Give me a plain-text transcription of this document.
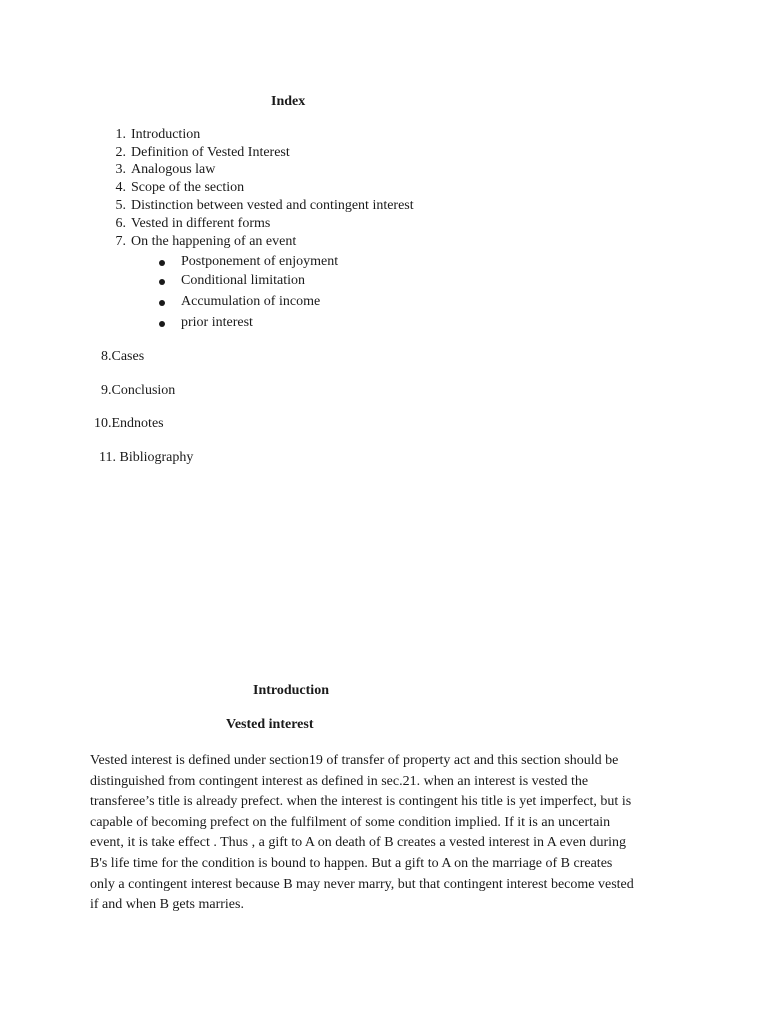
Index
1. Introduction
2. Definition of Vested Interest
3. Analogous law
4. Scope of the section
5. Distinction between vested and contingent interest
6. Vested in different forms
7. On the happening of an event
Postponement of enjoyment
Conditional limitation
Accumulation of income
prior interest
8.Cases
9.Conclusion
10.Endnotes
11. Bibliography
Introduction
Vested interest
Vested interest is defined under section19 of transfer of property act and this section should be
distinguished from contingent interest as defined in sec.21. when an interest is vested the
transferee’s title is already prefect. when the interest is contingent his title is yet imperfect, but is
capable of becoming prefect on the fulfilment of some condition implied. If it is an uncertain
event, it is take effect . Thus , a gift to A on death of B creates a vested interest in A even during
B's life time for the condition is bound to happen. But a gift to A on the marriage of B creates
only a contingent interest because B may never marry, but that contingent interest become vested
if and when B gets marries.
